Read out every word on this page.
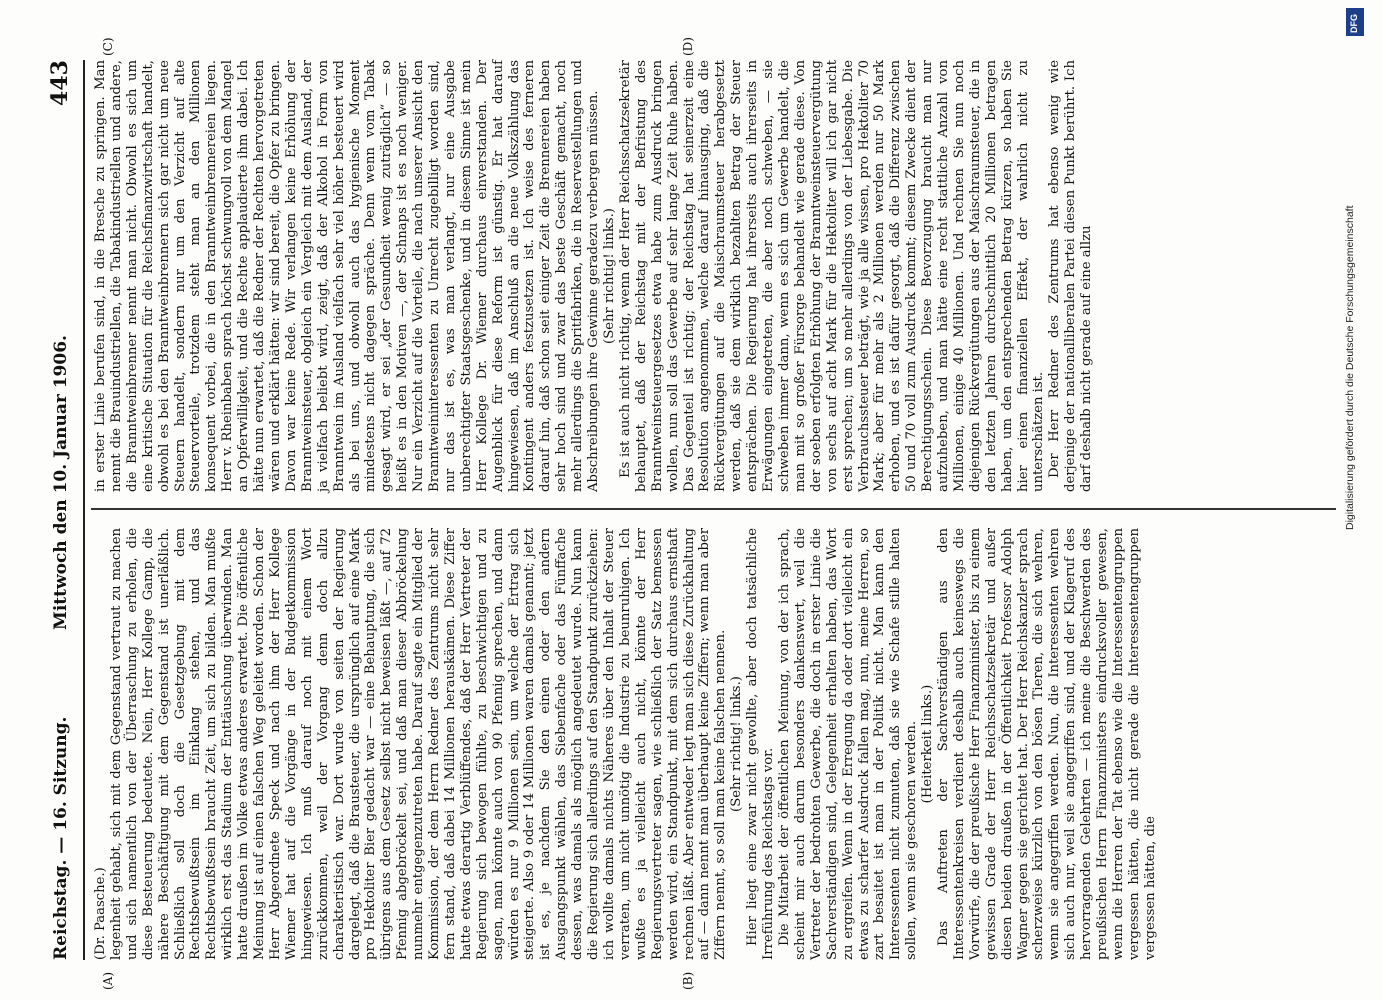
Reichstag. — 16. Sitzung.
Mittwoch den 10. Januar 1906.
443

(Dr. Paasche.) legenheit gehabt, sich mit dem Gegenstand vertraut zu machen und sich namentlich von der Überraschung zu erholen, die diese Besteuerung bedeutete. Nein, Herr Kollege Gamp, die nähere Beschäftigung mit dem Gegenstand ist unerläßlich. Schließlich soll doch die Gesetzgebung mit dem Rechtsbewußtsein im Einklang stehen, und das Rechtsbewußtsein braucht Zeit, um sich zu bilden. Man mußte wirklich erst das Stadium der Enttäuschung überwinden. Man hatte draußen im Volke etwas anderes erwartet. Die öffentliche Meinung ist auf einen falschen Weg geleitet worden. Schon der Herr Abgeordnete Speck und nach ihm der Herr Kollege Wiemer hat auf die Vorgänge in der Budgetkommission hingewiesen. Ich muß darauf noch mit einem Wort zurückkommen, weil der Vorgang denn doch allzu charakteristisch war. Dort wurde von seiten der Regierung dargelegt, daß die Brausteuer, die ursprünglich auf eine Mark pro Hektoliter Bier gedacht war — eine Behauptung, die sich übrigens aus dem Gesetz selbst nicht beweisen läßt —, auf 72 Pfennig abgebröckelt sei, und daß man dieser Abbröckelung nunmehr entgegenzutreten habe. Darauf sagte ein Mitglied der Kommission, der dem Herrn Redner des Zentrums nicht sehr fern stand, daß dabei 14 Millionen herauskämen. Diese Ziffer hatte etwas derartig Verblüffendes, daß der Herr Vertreter der Regierung sich bewogen fühlte, zu beschwichtigen und zu sagen, man könnte auch von 90 Pfennig sprechen, und dann würden es nur 9 Millionen sein, um welche der Ertrag sich steigerte. Also 9 oder 14 Millionen waren damals genannt; jetzt ist es, je nachdem Sie den einen oder den andern Ausgangspunkt wählen, das Siebenfache oder das Fünffache dessen, was damals als möglich angedeutet wurde. Nun kann die Regierung sich allerdings auf den Standpunkt zurückziehen: ich wollte damals nichts Näheres über den Inhalt der Steuer verraten, um nicht unnötig die Industrie zu beunruhigen. Ich wußte es ja vielleicht auch nicht, könnte der Herr Regierungsvertreter sagen, wie schließlich der Satz bemessen werden wird, ein Standpunkt, mit dem sich durchaus ernsthaft rechnen läßt. Aber entweder legt man sich diese Zurückhaltung auf — dann nennt man überhaupt keine Ziffern; wenn man aber Ziffern nennt, so soll man keine falschen nennen. (Sehr richtig! links.) Hier liegt eine zwar nicht gewollte, aber doch tatsächliche Irreführung des Reichstags vor. Die Mitarbeit der öffentlichen Meinung, von der ich sprach, scheint mir auch darum besonders dankenswert, weil die Vertreter der bedrohten Gewerbe, die doch in erster Linie die Sachverständigen sind, Gelegenheit erhalten haben, das Wort zu ergreifen. Wenn in der Erregung da oder dort vielleicht ein etwas zu scharfer Ausdruck fallen mag, nun, meine Herren, so zart besaitet ist man in der Politik nicht. Man kann den Interessenten nicht zumuten, daß sie wie Schafe stille halten sollen, wenn sie geschoren werden. (Heiterkeit links.) Das Auftreten der Sachverständigen aus den Interessentenkreisen verdient deshalb auch keineswegs die Vorwürfe, die der preußische Herr Finanzminister, bis zu einem gewissen Grade der Herr Reichsschatzsekretär und außer diesen beiden draußen in der Öffentlichkeit Professor Adolph Wagner gegen sie gerichtet hat. Der Herr Reichskanzler sprach scherzweise kürzlich von den bösen Tieren, die sich wehren, wenn sie angegriffen werden. Nun, die Interessenten wehren sich auch nur, weil sie angegriffen sind, und der Klageruf des hervorragenden Gelehrten — ich meine die Beschwerden des preußischen Herrn Finanzministers eindrucksvoller gewesen, wenn die Herren der Tat ebenso wie die Interessentengruppen vergessen hätten, die nicht gerade die Interessentengruppen vergessen hätten, die

in erster Linie berufen sind, in die Bresche zu springen. Man nennt die Brauindustriellen, die Tabakindustriellen und andere, die Branntweinbrenner nennt man nicht. Obwohl es sich um eine kritische Situation für die Reichsfinanzwirtschaft handelt, obwohl es bei den Branntweinbrennern sich gar nicht um neue Steuern handelt, sondern nur um den Verzicht auf alte Steuervorteile, trotzdem steht man an den Millionen konsequent vorbei, die in den Branntweinbrennereien liegen. Herr v. Rheinbaben sprach höchst schwungvoll von dem Mangel an Opferwilligkeit, und die Rechte applaudierte ihm dabei. Ich hätte nun erwartet, daß die Redner der Rechten hervorgetreten wären und erklärt hätten: wir sind bereit, die Opfer zu bringen. Davon war keine Rede. Wir verlangen keine Erhöhung der Branntweinsteuer, obgleich ein Vergleich mit dem Ausland, der ja vielfach beliebt wird, zeigt, daß der Alkohol in Form von Branntwein im Ausland vielfach sehr viel höher besteuert wird als bei uns, und obwohl auch das hygienische Moment mindestens nicht dagegen spräche. Denn wenn vom Tabak gesagt wird, er sei „der Gesundheit wenig zuträglich“ — so heißt es in den Motiven —, der Schnaps ist es noch weniger. Nur ein Verzicht auf die Vorteile, die nach unserer Ansicht den Branntweininteressenten zu Unrecht zugebilligt worden sind, nur das ist es, was man verlangt, nur eine Ausgabe unberechtigter Staatsgeschenke, und in diesem Sinne ist mein Herr Kollege Dr. Wiemer durchaus einverstanden. Der Augenblick für diese Reform ist günstig. Er hat darauf hingewiesen, daß im Anschluß an die neue Volkszählung das Kontingent anders festzusetzen ist. Ich weise des ferneren darauf hin, daß schon seit einiger Zeit die Brennereien haben sehr hoch sind und zwar das beste Geschäft gemacht, noch mehr allerdings die Spritfabriken, die in Reservestellungen und Abschreibungen ihre Gewinne geradezu verbergen müssen. (Sehr richtig! links.) Es ist auch nicht richtig, wenn der Herr Reichsschatzsekretär behauptet, daß der Reichstag mit der Befristung des Branntweinsteuergesetzes etwa habe zum Ausdruck bringen wollen, nun soll das Gewerbe auf sehr lange Zeit Ruhe haben. Das Gegenteil ist richtig; der Reichstag hat seinerzeit eine Resolution angenommen, welche darauf hinausging, daß die Rückvergütungen auf die Maischraumsteuer herabgesetzt werden, daß sie dem wirklich bezahlten Betrag der Steuer entsprächen. Die Regierung hat ihrerseits auch ihrerseits in Erwägungen eingetreten, die aber noch schweben, — sie schweben immer dann, wenn es sich um Gewerbe handelt, die man mit so großer Fürsorge behandelt wie gerade diese. Von der soeben erfolgten Erhöhung der Branntweinsteuervergütung von sechs auf acht Mark für die Hektoliter will ich gar nicht erst sprechen; um so mehr allerdings von der Liebesgabe. Die Verbrauchssteuer beträgt, wie ja alle wissen, pro Hektoliter 70 Mark; aber für mehr als 2 Millionen werden nur 50 Mark erhoben, und es ist dafür gesorgt, daß die Differenz zwischen 50 und 70 voll zum Ausdruck kommt; diesem Zwecke dient der Berechtigungsschein. Diese Bevorzugung braucht man nur aufzuheben, und man hätte eine recht stattliche Anzahl von Millionen, einige 40 Millionen. Und rechnen Sie nun noch diejenigen Rückvergütungen aus der Maischraumsteuer, die in den letzten Jahren durchschnittlich 20 Millionen betragen haben, um den entsprechenden Betrag kürzen, so haben Sie hier einen finanziellen Effekt, der wahrlich nicht zu unterschätzen ist. Der Herr Redner des Zentrums hat ebenso wenig wie derjenige der nationalliberalen Partei diesen Punkt berührt. Ich darf deshalb nicht gerade auf eine allzu

(A)	(B)
(C)	(D)
DFG
Digitalisierung gefördert durch die Deutsche Forschungsgemeinschaft
